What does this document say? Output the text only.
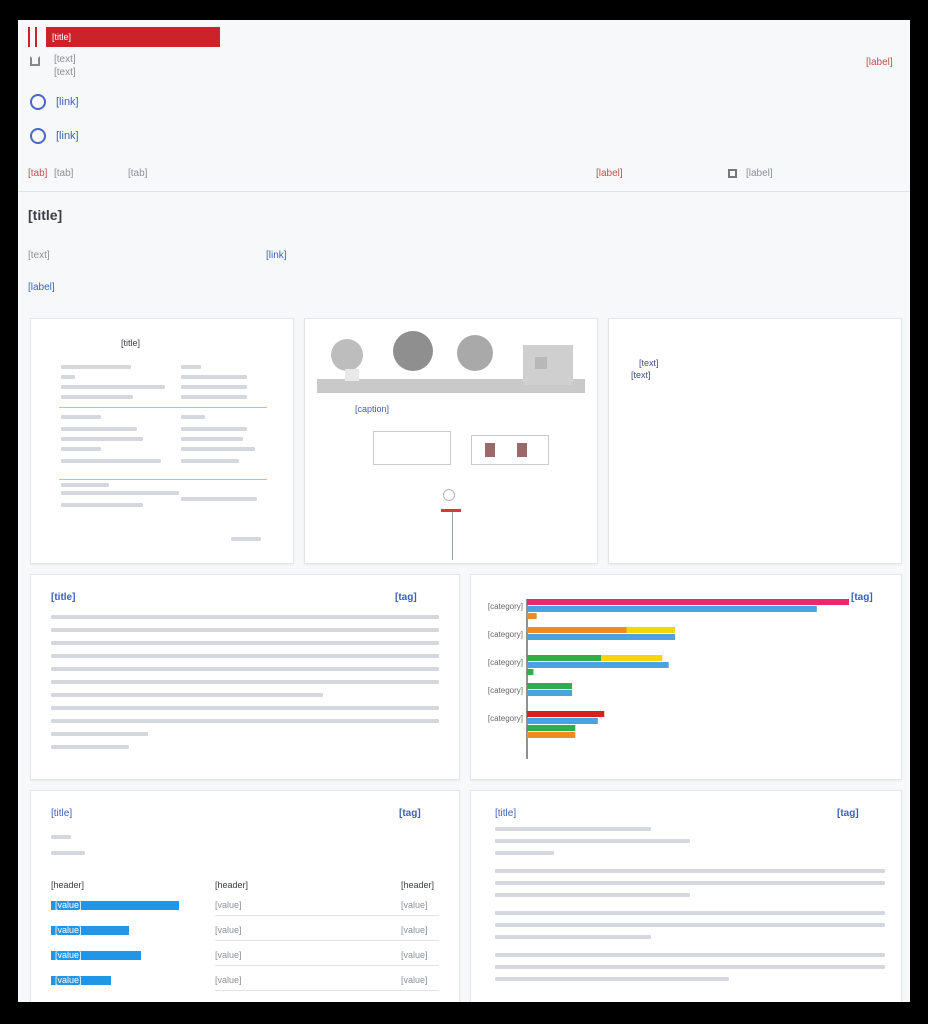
[title]
[text]
[text]
[label]
[link]
[link]
[tab] [tab]	[tab]	[label]	[label]
[title]
[text]	[link]
[label]
[title]
[caption]
[text]
[text]
[title]	[tag]	[tag]
[category]
[category]
[category]
[category]
[category]
[title]	[tag]
[header]	[header]	[header]
[value]	[value]	[value]
[value]	[value]	[value]
[value]	[value]	[value]
[value]	[value]	[value]
[title]	[tag]
